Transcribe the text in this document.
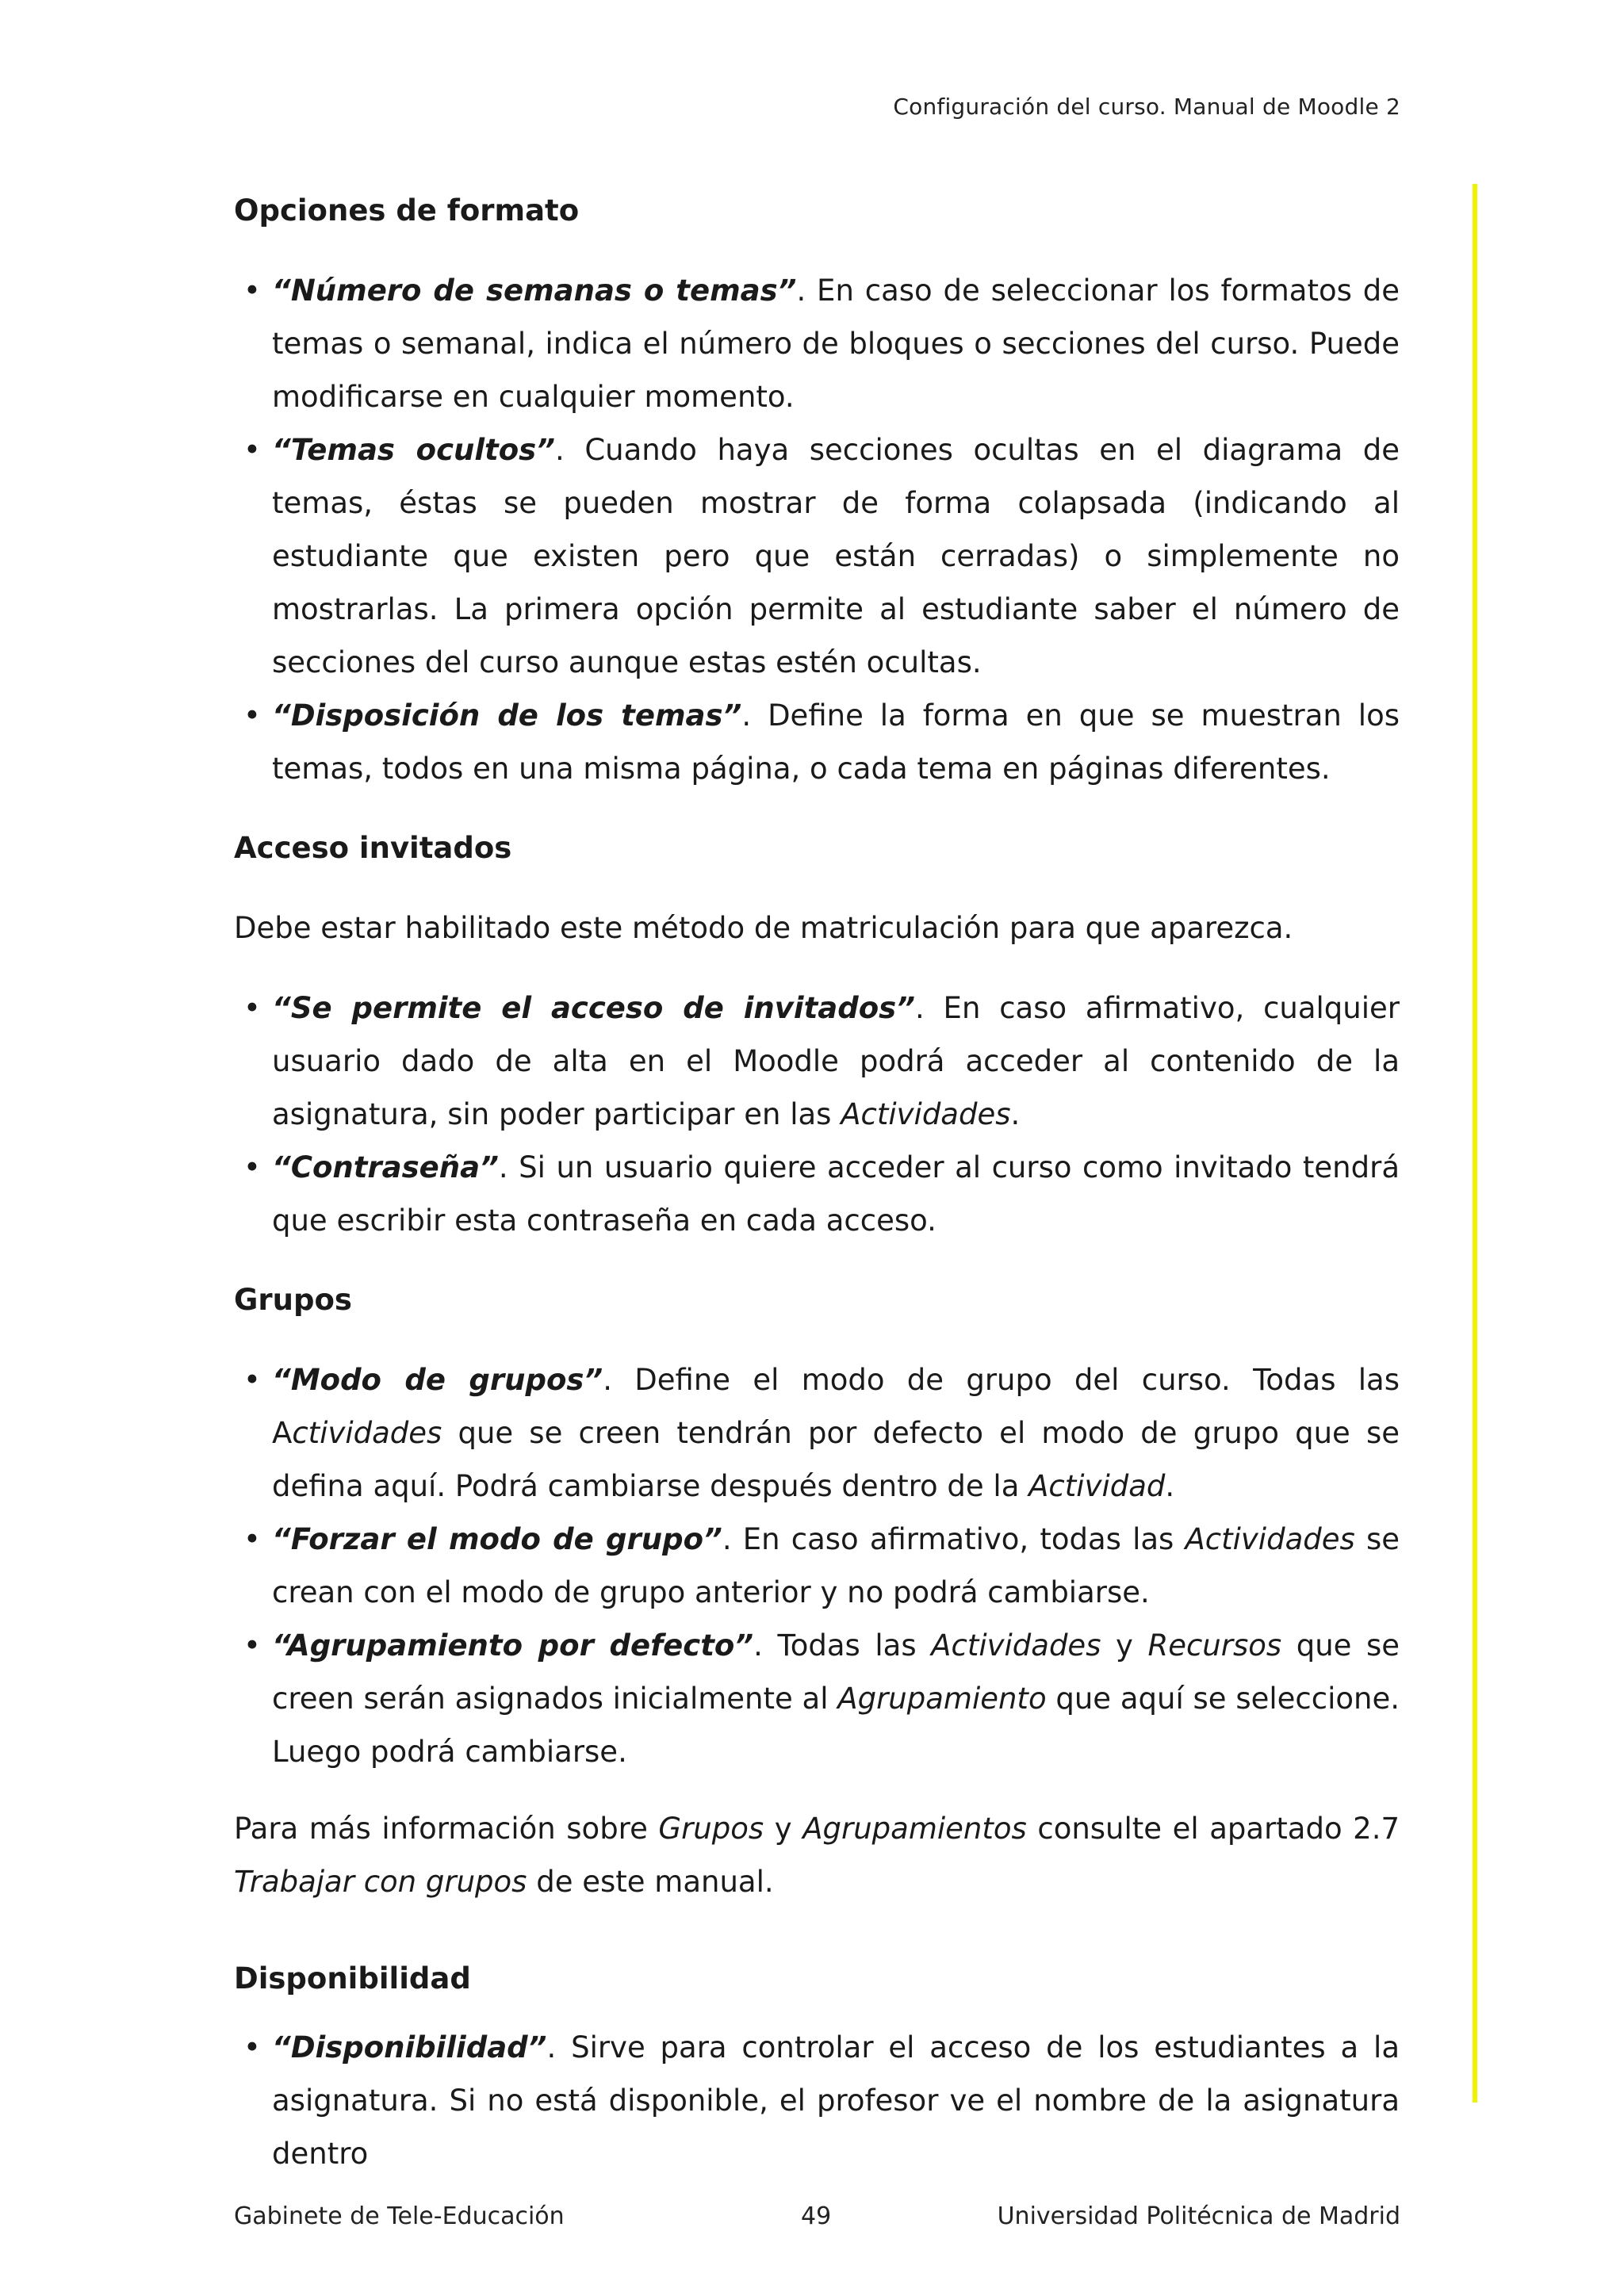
Configuración del curso. Manual de Moodle 2
Opciones de formato
• “Número de semanas o temas”. En caso de seleccionar los formatos de temas o semanal, indica el número de bloques o secciones del curso. Puede modificarse en cualquier momento.
• “Temas ocultos”. Cuando haya secciones ocultas en el diagrama de temas, éstas se pueden mostrar de forma colapsada (indicando al estudiante que existen pero que están cerradas) o simplemente no mostrarlas. La primera opción permite al estudiante saber el número de secciones del curso aunque estas estén ocultas.
• “Disposición de los temas”. Define la forma en que se muestran los temas, todos en una misma página, o cada tema en páginas diferentes.
Acceso invitados

Debe estar habilitado este método de matriculación para que aparezca.

• “Se permite el acceso de invitados”. En caso afirmativo, cualquier usuario dado de alta en el Moodle podrá acceder al contenido de la asignatura, sin poder participar en las Actividades.
• “Contraseña”. Si un usuario quiere acceder al curso como invitado tendrá que escribir esta contraseña en cada acceso.
Grupos
• “Modo de grupos”. Define el modo de grupo del curso. Todas las Actividades que se creen tendrán por defecto el modo de grupo que se defina aquí. Podrá cambiarse después dentro de la Actividad.
• “Forzar el modo de grupo”. En caso afirmativo, todas las Actividades se crean con el modo de grupo anterior y no podrá cambiarse.
• “Agrupamiento por defecto”. Todas las Actividades y Recursos que se creen serán asignados inicialmente al Agrupamiento que aquí se seleccione. Luego podrá cambiarse.

Para más información sobre Grupos y Agrupamientos consulte el apartado 2.7 Trabajar con grupos de este manual.

Disponibilidad
• “Disponibilidad”. Sirve para controlar el acceso de los estudiantes a la asignatura. Si no está disponible, el profesor ve el nombre de la asignatura dentro
Gabinete de Tele-Educación	49	Universidad Politécnica de Madrid
